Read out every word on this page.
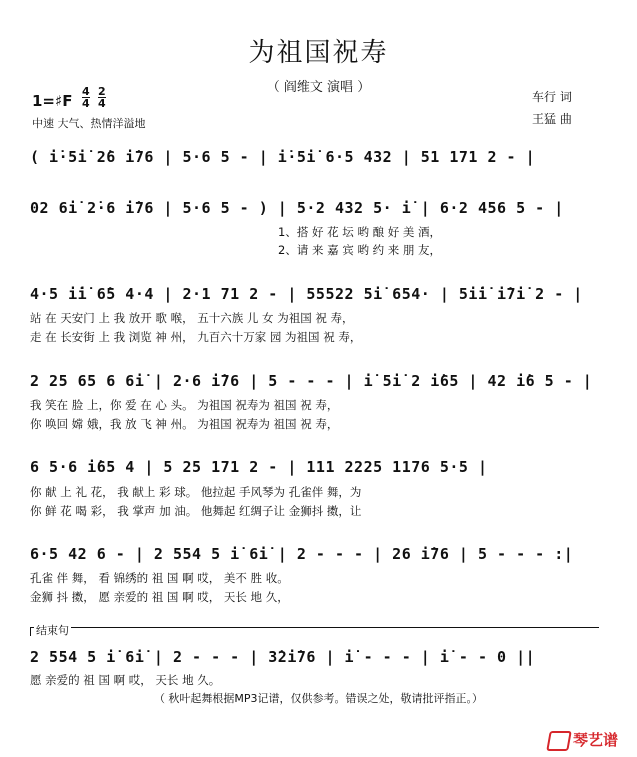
为祖国祝寿
（ 阎维文 演唱 ）
1=♯F
4
4
2
4
中速 大气、热情洋溢地
车行 词
王猛 曲
( i̇·5i̇ 2̇6 i̇76 | 5·6 5 - | i̇·5i̇ 6·5 432 | 51 171 2 - |
02 6i̇ 2̇·6 i̇76 | 5·6 5 - ) | 5·2 432 5· i̇ | 6·2 456 5 - |
1、搭 好 花 坛 哟 酿 好 美 酒，
2、请 来 嘉 宾 哟 约 来 朋 友，
4·5 i̇i̇ 6̇5 4·4 | 2·1 71 2 - | 55522 5i̇ 654· | 5i̇i̇ i̇7i̇ 2 - |
站 在 天安门 上 我 放开 歌 喉， 五十六族 儿 女 为祖国 祝 寿，
走 在 长安街 上 我 浏览 神 州， 九百六十万家 园 为祖国 祝 寿，
2 25 65 6 6i̇ | 2·6 i̇76 | 5 - - - | i̇ 5i̇ 2 i̇65 | 42 i̇6 5 - |
我 笑在 脸 上，你 爱 在 心 头。 为祖国 祝寿为 祖国 祝 寿，
你 唤回 嫦 娥，我 放 飞 神 州。 为祖国 祝寿为 祖国 祝 寿，
6 5·6 i̇65 4 | 5 25 171 2 - | 111 2225 1176 5·5 |
你 献 上 礼 花， 我 献上 彩 球。 他拉起 手风琴为 孔雀伴 舞，为
你 鲜 花 喝 彩， 我 掌声 加 油。 他舞起 红绸子让 金狮抖 擞，让
6·5 42 6 - | 2 554 5 i̇ 6i̇ | 2 - - - | 26 i̇76 | 5 - - - :|
孔雀 伴 舞， 看 锦绣的 祖 国 啊 哎， 美不 胜 收。
金狮 抖 擞， 愿 亲爱的 祖 国 啊 哎， 天长 地 久，
结束句
2 554 5 i̇ 6i̇ | 2 - - - | 3̇2i̇76 | i̇ - - - | i̇ - - 0 ||
愿 亲爱的 祖 国 啊 哎， 天长 地 久。
（ 秋叶起舞根据MP3记谱，仅供参考。错误之处，敬请批评指正。）
琴艺谱
